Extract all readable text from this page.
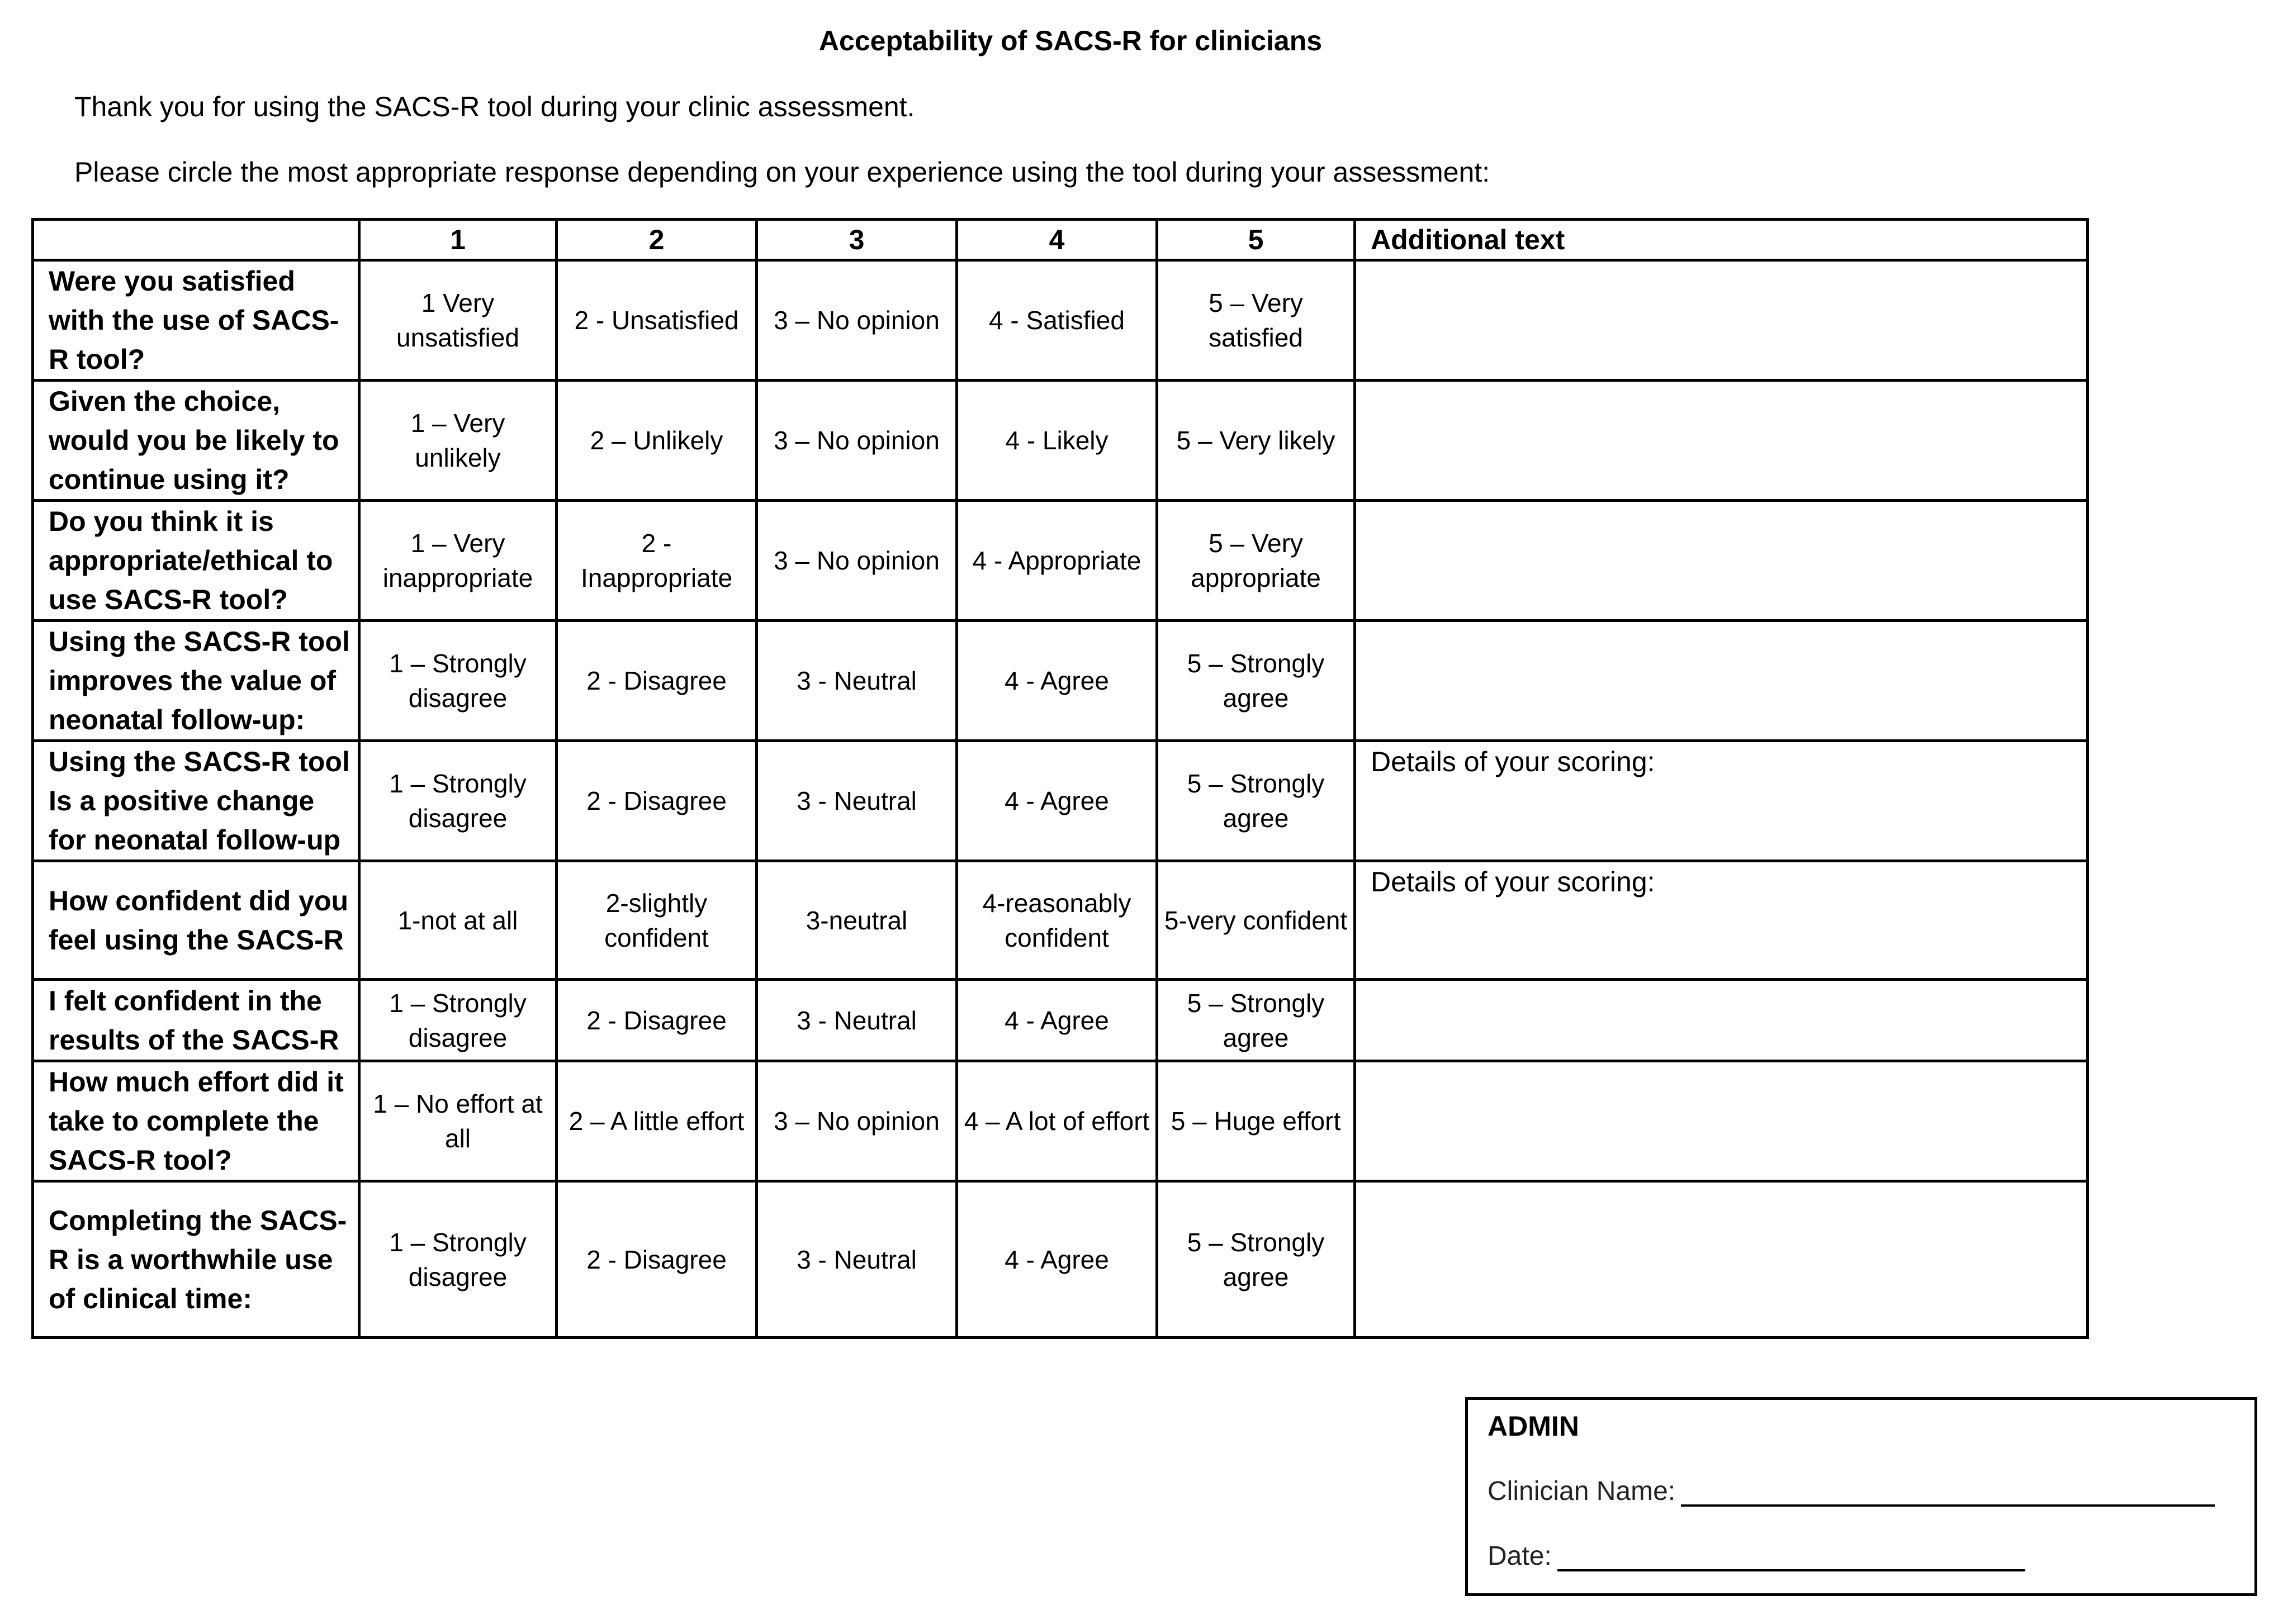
Acceptability of SACS-R for clinicians
Thank you for using the SACS-R tool during your clinic assessment.
Please circle the most appropriate response depending on your experience using the tool during your assessment:
	1	2	3	4	5	Additional text
Were you satisfied with the use of SACS-R tool?	1 Very unsatisfied	2 - Unsatisfied	3 – No opinion	4 - Satisfied	5 – Very satisfied	
Given the choice, would you be likely to continue using it?	1 – Very unlikely	2 – Unlikely	3 – No opinion	4 - Likely	5 – Very likely	
Do you think it is appropriate/ethical to use SACS-R tool?	1 – Very inappropriate	2 - Inappropriate	3 – No opinion	4 - Appropriate	5 – Very appropriate	
Using the SACS-R tool improves the value of neonatal follow-up:	1 – Strongly disagree	2 - Disagree	3 - Neutral	4 - Agree	5 – Strongly agree	
Using the SACS-R tool Is a positive change for neonatal follow-up	1 – Strongly disagree	2 - Disagree	3 - Neutral	4 - Agree	5 – Strongly agree	Details of your scoring:
How confident did you feel using the SACS-R	1-not at all	2-slightly confident	3-neutral	4-reasonably confident	5-very confident	Details of your scoring:
I felt confident in the results of the SACS-R	1 – Strongly disagree	2 - Disagree	3 - Neutral	4 - Agree	5 – Strongly agree	
How much effort did it take to complete the SACS-R tool?	1 – No effort at all	2 – A little effort	3 – No opinion	4 – A lot of effort	5 – Huge effort	
Completing the SACS-R is a worthwhile use of clinical time:	1 – Strongly disagree	2 - Disagree	3 - Neutral	4 - Agree	5 – Strongly agree	
ADMIN
Clinician Name:
Date:
